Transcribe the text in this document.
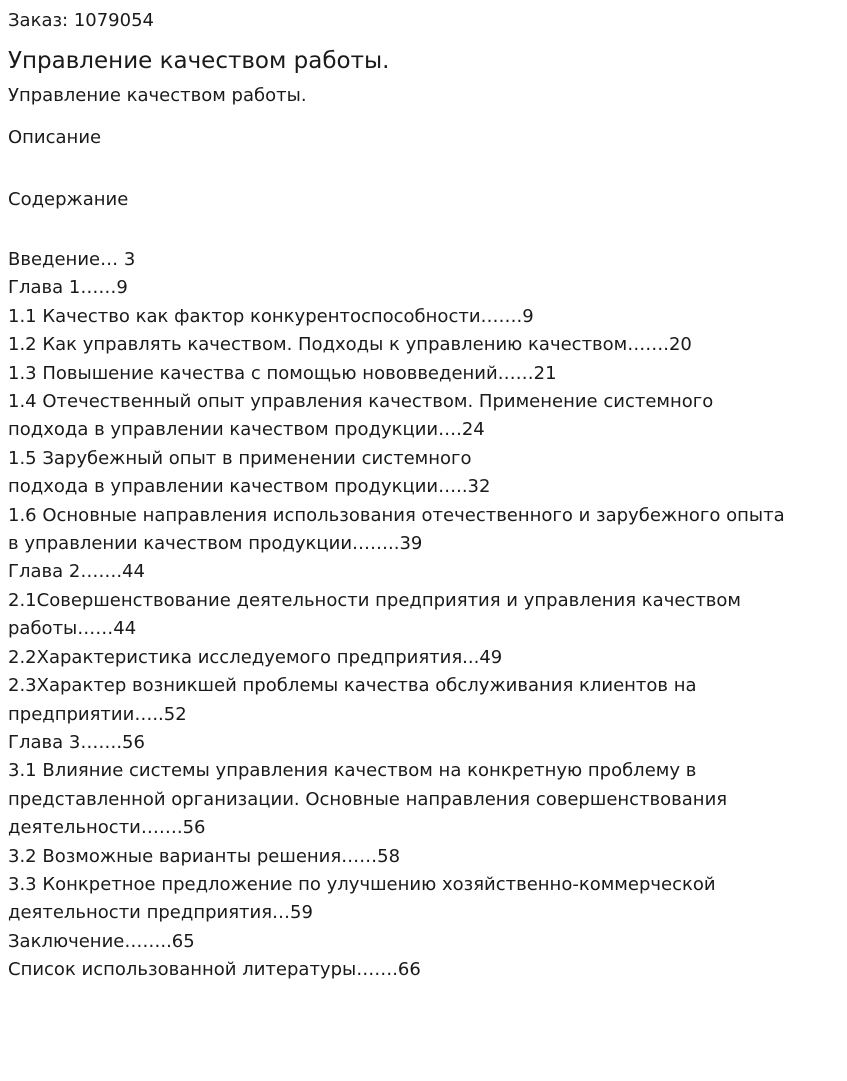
Заказ: 1079054
Управление качеством работы.
Управление качеством работы.
Описание
Содержание
Введение… 3
Глава 1……9
1.1 Качество как фактор конкурентоспособности…….9
1.2 Как управлять качеством. Подходы к управлению качеством…….20
1.3 Повышение качества с помощью нововведений……21
1.4 Отечественный опыт управления качеством. Применение системного
подхода в управлении качеством продукции….24
1.5 Зарубежный опыт в применении системного
подхода в управлении качеством продукции…..32
1.6 Основные направления использования отечественного и зарубежного опыта
в управлении качеством продукции……..39
Глава 2…….44
2.1Совершенствование деятельности предприятия и управления качеством
работы……44
2.2Характеристика исследуемого предприятия...49
2.3Характер возникшей проблемы качества обслуживания клиентов на
предприятии…..52
Глава 3…….56
3.1 Влияние системы управления качеством на конкретную проблему в
представленной организации. Основные направления совершенствования
деятельности…….56
3.2 Возможные варианты решения……58
3.3 Конкретное предложение по улучшению хозяйственно-коммерческой
деятельности предприятия…59
Заключение……..65
Список использованной литературы…….66
